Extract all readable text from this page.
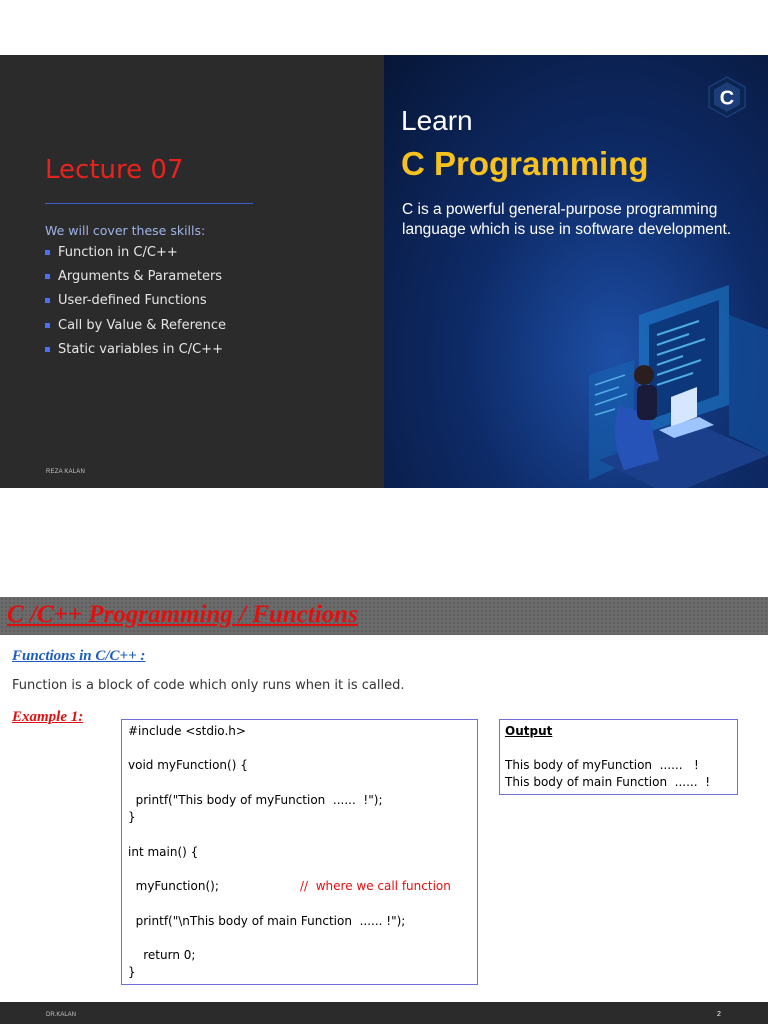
Lecture 07
We will cover these skills:
Function in C/C++
Arguments & Parameters
User-defined Functions
Call by Value & Reference
Static variables in C/C++
REZA KALAN
C
Learn
C Programming
C is a powerful general-purpose programming
language which is use in software development.
C /C++ Programming / Functions
Functions in C/C++ :
Function is a block of code which only runs when it is called.
Example 1:
#include <stdio.h>
void myFunction() {
printf("This body of myFunction  ......  !");
}
int main() {
myFunction();	//  where we call function
printf("\nThis body of main Function  ...... !");
return 0;
}
Output
This body of myFunction  ......   !
This body of main Function  ......  !
DR.KALAN	2
